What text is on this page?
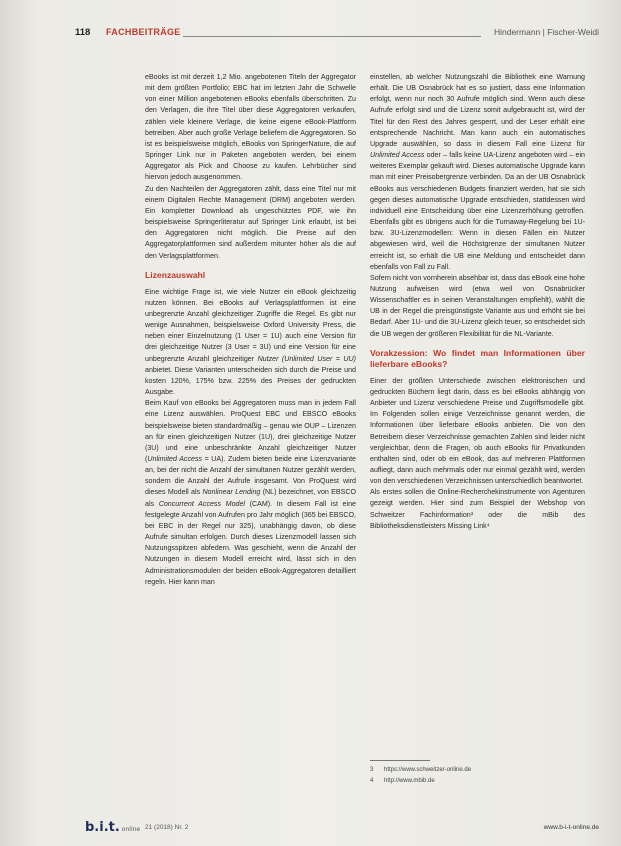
118 FACHBEITRÄGE	Hindermann | Fischer-Weidi

eBooks ist mit derzeit 1,2 Mio. angebotenen Titeln der Aggregator mit dem größten Portfolio; EBC hat im letzten Jahr die Schwelle von einer Million angebotenen eBooks ebenfalls überschritten. Zu den Verlagen, die ihre Titel über diese Aggregatoren verkaufen, zählen viele kleinere Verlage, die keine eigene eBook-Plattform betreiben. Aber auch große Verlage beliefern die Aggregatoren. So ist es beispielsweise möglich, eBooks von SpringerNature, die auf Springer Link nur in Paketen angeboten werden, bei einem Aggregator als Pick and Choose zu kaufen. Lehrbücher sind hiervon jedoch ausgenommen.

Zu den Nachteilen der Aggregatoren zählt, dass eine Titel nur mit einem Digitalen Rechte Management (DRM) angeboten werden. Ein kompletter Download als ungeschütztes PDF, wie ihn beispielsweise Springerliteratur auf Springer Link erlaubt, ist bei den Aggregatoren nicht möglich. Die Preise auf den Aggregatorplattformen sind außerdem mitunter höher als die auf den Verlagsplattformen.

Lizenzauswahl

Eine wichtige Frage ist, wie viele Nutzer ein eBook gleichzeitig nutzen können. Bei eBooks auf Verlagsplattformen ist eine unbegrenzte Anzahl gleichzeitiger Zugriffe die Regel. Es gibt nur wenige Ausnahmen, beispielsweise Oxford University Press, die neben einer Einzelnutzung (1 User = 1U) auch eine Version für drei gleichzeitige Nutzer (3 User = 3U) und eine Version für eine unbegrenzte Anzahl gleichzeitiger Nutzer (Unlimited User = UU) anbietet. Diese Varianten unterscheiden sich durch die Preise und kosten 120%, 175% bzw. 225% des Preises der gedruckten Ausgabe.

Beim Kauf von eBooks bei Aggregatoren muss man in jedem Fall eine Lizenz auswählen. ProQuest EBC und EBSCO eBooks beispielsweise bieten standardmäßig – genau wie OUP – Lizenzen an für einen gleichzeitigen Nutzer (1U), drei gleichzeitige Nutzer (3U) und eine unbeschränkte Anzahl gleichzeitiger Nutzer (Unlimited Access = UA). Zudem bieten beide eine Lizenzvariante an, bei der nicht die Anzahl der simultanen Nutzer gezählt werden, sondern die Anzahl der Aufrufe insgesamt. Von ProQuest wird dieses Modell als Nonlinear Lending (NL) bezeichnet, von EBSCO als Concurrent Access Model (CAM). In diesem Fall ist eine festgelegte Anzahl von Aufrufen pro Jahr möglich (365 bei EBSCO, bei EBC in der Regel nur 325), unabhängig davon, ob diese Aufrufe simultan erfolgen. Durch dieses Lizenzmodell lassen sich Nutzungsspitzen abfedern. Was geschieht, wenn die Anzahl der Nutzungen in diesem Modell erreicht wird, lässt sich in den Administrationsmodulen der beiden eBook-Aggregatoren detailliert regeln. Hier kann man

einstellen, ab welcher Nutzungszahl die Bibliothek eine Warnung erhält. Die UB Osnabrück hat es so justiert, dass eine Information erfolgt, wenn nur noch 30 Aufrufe möglich sind. Wenn auch diese Aufrufe erfolgt sind und die Lizenz somit aufgebraucht ist, wird der Titel für den Rest des Jahres gesperrt, und der Leser erhält eine entsprechende Nachricht. Man kann auch ein automatisches Upgrade auswählen, so dass in diesem Fall eine Lizenz für Unlimited Access oder – falls keine UA-Lizenz angeboten wird – ein weiteres Exemplar gekauft wird. Dieses automatische Upgrade kann man mit einer Preisobergrenze verbinden. Da an der UB Osnabrück eBooks aus verschiedenen Budgets finanziert werden, hat sie sich gegen dieses automatische Upgrade entschieden, stattdessen wird individuell eine Entscheidung über eine Lizenzerhöhung getroffen. Ebenfalls gibt es übrigens auch für die Turnaway-Regelung bei 1U- bzw. 3U-Lizenzmodellen: Wenn in diesen Fällen ein Nutzer abgewiesen wird, weil die Höchstgrenze der simultanen Nutzer erreicht ist, so erhält die UB eine Meldung und entscheidet dann ebenfalls von Fall zu Fall.

Sofern nicht von vornherein absehbar ist, dass das eBook eine hohe Nutzung aufweisen wird (etwa weil von Osnabrücker Wissenschaftler es in seinen Veranstaltungen empfiehlt), wählt die UB in der Regel die preisgünstigste Variante aus und erhöht sie bei Bedarf. Aber 1U- und die 3U-Lizenz gleich teuer, so entscheidet sich die UB wegen der größeren Flexibilität für die NL-Variante.

Vorakzession: Wo findet man Informationen über lieferbare eBooks?

Einer der größten Unterschiede zwischen elektronischen und gedruckten Büchern liegt darin, dass es bei eBooks abhängig von Anbieter und Lizenz verschiedene Preise und Zugriffsmodelle gibt. Im Folgenden sollen einige Verzeichnisse genannt werden, die Informationen über lieferbare eBooks anbieten. Die von den Betreibern dieser Verzeichnisse gemachten Zahlen sind leider nicht vergleichbar, denn die Fragen, ob auch eBooks für Privatkunden enthalten sind, oder ob ein eBook, das auf mehreren Plattformen aufliegt, dann auch mehrmals oder nur einmal gezählt wird, werden von den verschiedenen Verzeichnissen unterschiedlich beantwortet.

Als erstes sollen die Online-Recherchekinstrumente von Agenturen gezeigt werden. Hier sind zum Beispiel der Webshop von Schweitzer Fachinformation³ oder die mBib des Bibliotheksdienstleisters Missing Link⁴

3 https://www.schweitzer-online.de
4 http://www.mbib.de
b.i.t. online 21 (2018) Nr. 2	www.b-i-t-online.de
